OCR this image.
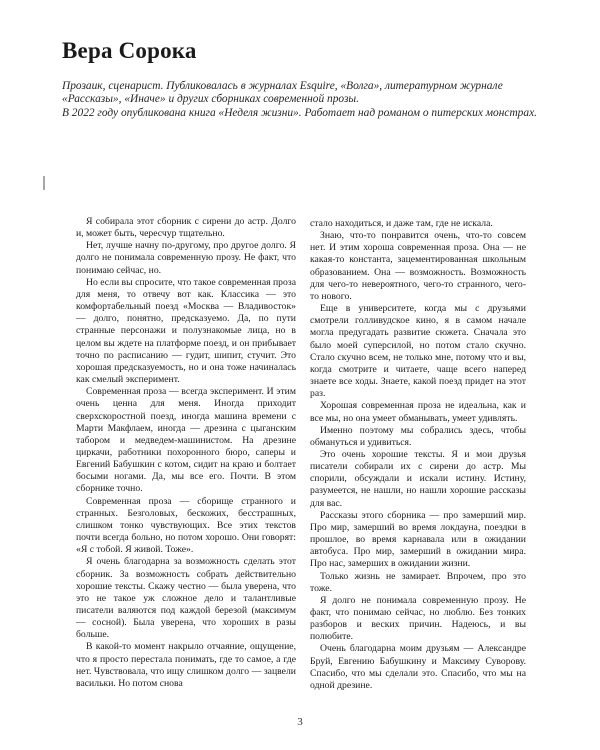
Вера Сорока

Прозаик, сценарист. Публиковалась в журналах Esquire, «Волга», литературном журнале «Рассказы», «Иначе» и других сборниках современной прозы.

В 2022 году опубликована книга «Неделя жизни». Работает над романом о питерских монстрах.

Я собирала этот сборник с сирени до астр. Долго и, может быть, чересчур тщательно.

Нет, лучше начну по-другому, про другое долго. Я долго не понимала современную прозу. Не факт, что понимаю сейчас, но.

Но если вы спросите, что такое современная проза для меня, то отвечу вот как. Классика — это комфортабельный поезд «Москва — Владивосток» — долго, понятно, предсказуемо. Да, по пути странные персонажи и полузнакомые лица, но в целом вы ждете на платформе поезд, и он прибывает точно по расписанию — гудит, шипит, стучит. Это хорошая предсказуемость, но и она тоже начиналась как смелый эксперимент.

Современная проза — всегда эксперимент. И этим очень ценна для меня. Иногда приходит сверхскоростной поезд, иногда машина времени с Марти Макфлаем, иногда — дрезина с цыганским табором и медведем-машинистом. На дрезине циркачи, работники похоронного бюро, саперы и Евгений Бабушкин с котом, сидит на краю и болтает босыми ногами. Да, мы все его. Почти. В этом сборнике точно.

Современная проза — сборище странного и странных. Безголовых, бескожих, бесстрашных, слишком тонко чувствующих. Все этих текстов почти всегда больно, но потом хорошо. Они говорят: «Я с тобой. Я живой. Тоже».

Я очень благодарна за возможность сделать этот сборник. За возможность собрать действительно хорошие тексты. Скажу честно — была уверена, что это не такое уж сложное дело и талантливые писатели валяются под каждой березой (максимум — сосной). Была уверена, что хороших в разы больше.

В какой-то момент накрыло отчаяние, ощущение, что я просто перестала понимать, где то самое, а где нет. Чувствовала, что ищу слишком долго — зацвели васильки. Но потом снова

стало находиться, и даже там, где не искала.

Знаю, что-то понравится очень, что-то совсем нет. И этим хороша современная проза. Она — не какая-то константа, зацементированная школьным образованием. Она — возможность. Возможность для чего-то невероятного, чего-то странного, чего-то нового.

Еще в университете, когда мы с друзьями смотрели голливудское кино, я в самом начале могла предугадать развитие сюжета. Сначала это было моей суперсилой, но потом стало скучно. Стало скучно всем, не только мне, потому что и вы, когда смотрите и читаете, чаще всего наперед знаете все ходы. Знаете, какой поезд придет на этот раз.

Хорошая современная проза не идеальна, как и все мы, но она умеет обманывать, умеет удивлять.

Именно поэтому мы собрались здесь, чтобы обмануться и удивиться.

Это очень хорошие тексты. Я и мои друзья писатели собирали их с сирени до астр. Мы спорили, обсуждали и искали истину. Истину, разумеется, не нашли, но нашли хорошие рассказы для вас.

Рассказы этого сборника — про замерший мир. Про мир, замерший во время локдауна, поездки в прошлое, во время карнавала или в ожидании автобуса. Про мир, замерший в ожидании мира. Про нас, замерших в ожидании жизни.

Только жизнь не замирает. Впрочем, про это тоже.

Я долго не понимала современную прозу. Не факт, что понимаю сейчас, но люблю. Без тонких разборов и веских причин. Надеюсь, и вы полюбите.

Очень благодарна моим друзьям — Александре Бруй, Евгению Бабушкину и Максиму Суворову. Спасибо, что мы сделали это. Спасибо, что мы на одной дрезине.

3
